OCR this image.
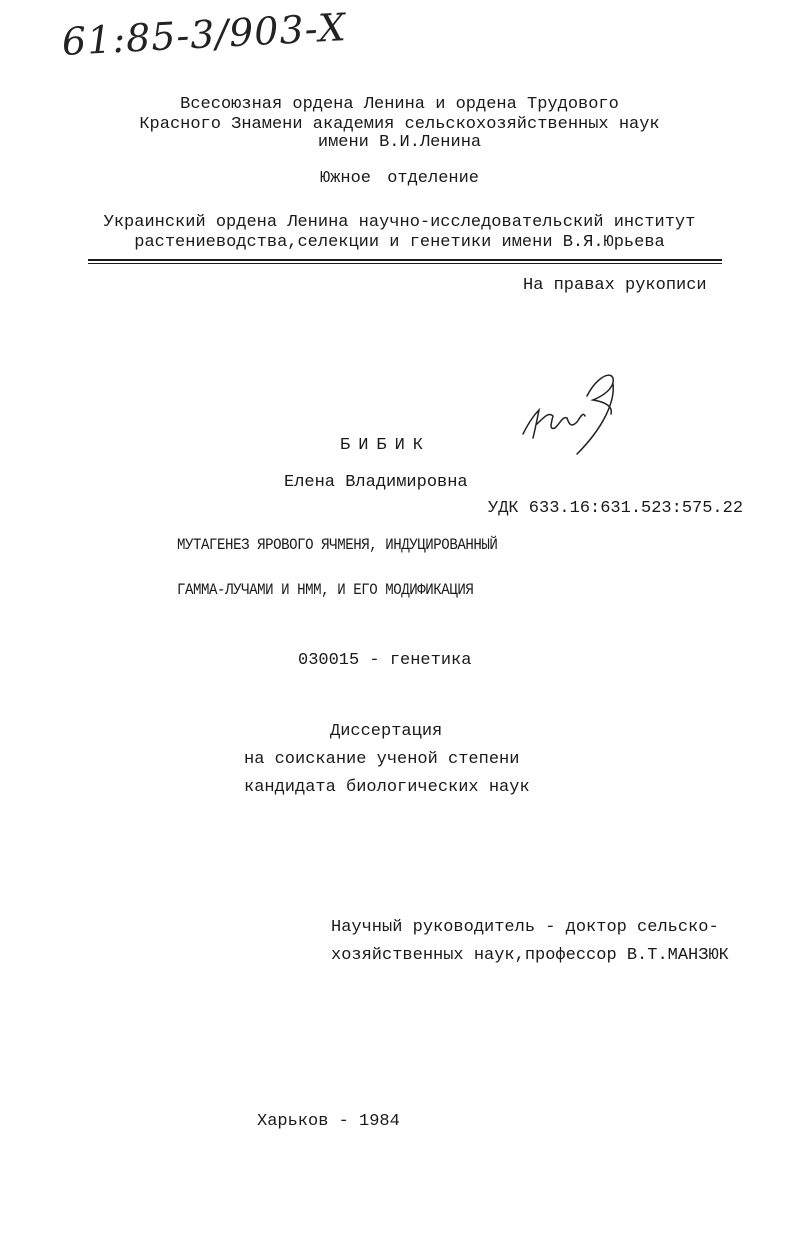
61:85-3/903-Х
Всесоюзная ордена Ленина и ордена Трудового
Красного Знамени академия сельскохозяйственных наук
имени В.И.Ленина
Южное отделение
Украинский ордена Ленина научно-исследовательский институт
растениеводства,селекции и генетики имени В.Я.Юрьева
На правах рукописи
БИБИК
Елена Владимировна
УДК 633.16:631.523:575.22
МУТАГЕНЕЗ ЯРОВОГО ЯЧМЕНЯ, ИНДУЦИРОВАННЫЙ
ГАММА-ЛУЧАМИ И НММ, И ЕГО МОДИФИКАЦИЯ
030015 - генетика
Диссертация
на соискание ученой степени
кандидата биологических наук
Научный руководитель - доктор сельско-
хозяйственных наук,профессор В.Т.МАНЗЮК
Харьков - 1984
